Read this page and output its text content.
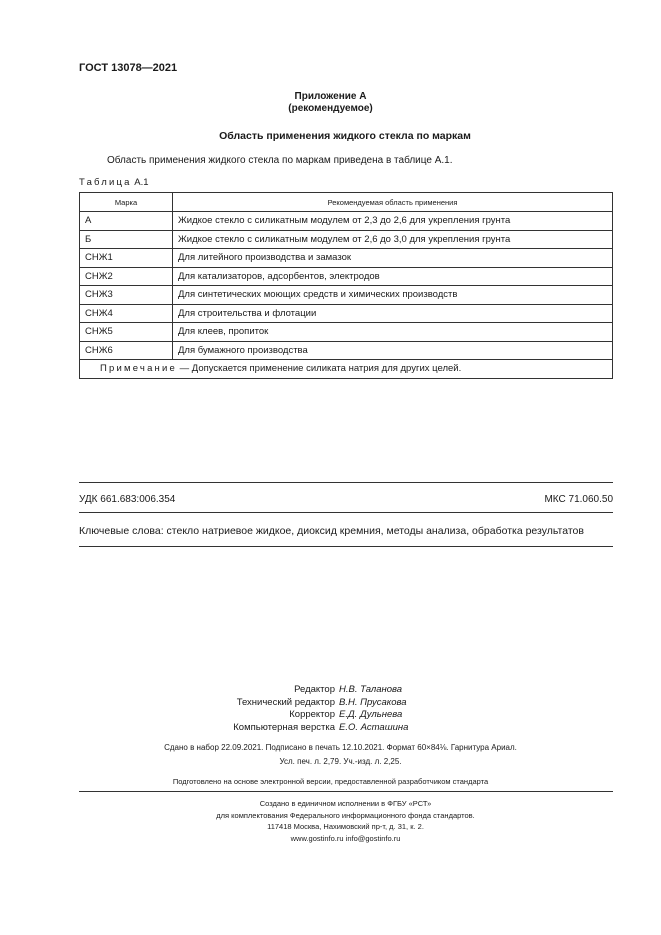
ГОСТ 13078—2021
Приложение А
(рекомендуемое)
Область применения жидкого стекла по маркам
Область применения жидкого стекла по маркам приведена в таблице А.1.
Таблица А.1
Марка	Рекомендуемая область применения
А	Жидкое стекло с силикатным модулем от 2,3 до 2,6 для укрепления грунта
Б	Жидкое стекло с силикатным модулем от 2,6 до 3,0 для укрепления грунта
СНЖ1	Для литейного производства и замазок
СНЖ2	Для катализаторов, адсорбентов, электродов
СНЖ3	Для синтетических моющих средств и химических производств
СНЖ4	Для строительства и флотации
СНЖ5	Для клеев, пропиток
СНЖ6	Для бумажного производства
Примечание — Допускается применение силиката натрия для других целей.	
УДК 661.683:006.354	МКС 71.060.50
Ключевые слова: стекло натриевое жидкое, диоксид кремния, методы анализа, обработка результатов
Редактор Н.В. Таланова
Технический редактор В.Н. Прусакова
Корректор Е.Д. Дульнева
Компьютерная верстка Е.О. Асташина
Сдано в набор 22.09.2021. Подписано в печать 12.10.2021. Формат 60×84⅛. Гарнитура Ариал.
Усл. печ. л. 2,79. Уч.-изд. л. 2,25.
Подготовлено на основе электронной версии, предоставленной разработчиком стандарта
Создано в единичном исполнении в ФГБУ «РСТ»
для комплектования Федерального информационного фонда стандартов.
117418 Москва, Нахимовский пр-т, д. 31, к. 2.
www.gostinfo.ru info@gostinfo.ru
